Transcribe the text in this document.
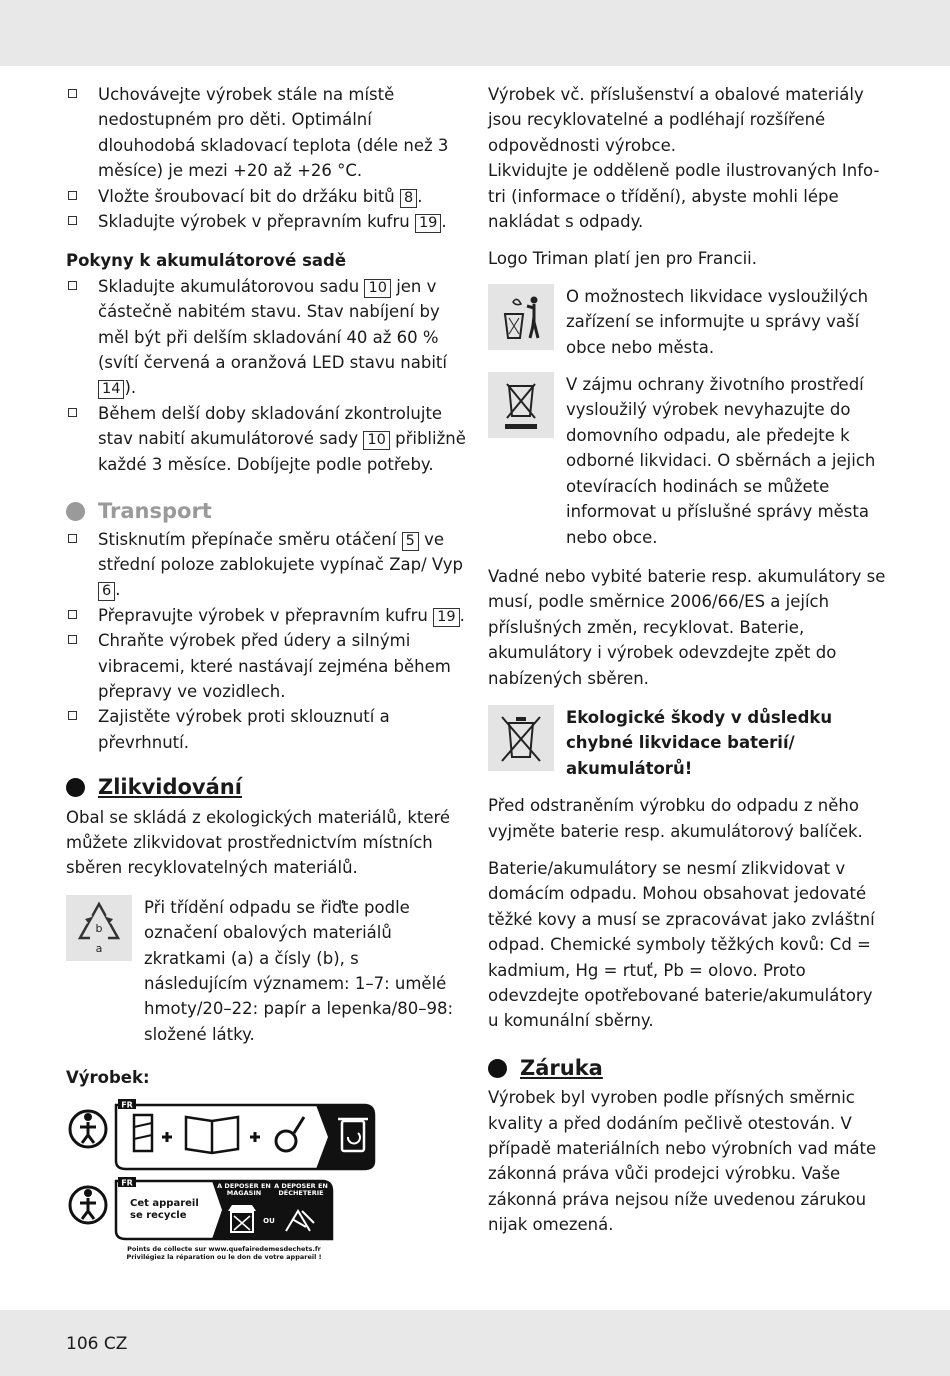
Uchovávejte výrobek stále na místě nedostupném pro děti. Optimální dlouhodobá skladovací teplota (déle než 3 měsíce) je mezi +20 až +26 °C.
Vložte šroubovací bit do držáku bitů 8 .
Skladujte výrobek v přepravním kufru 19 .

Pokyny k akumulátorové sadě

Skladujte akumulátorovou sadu 10 jen v částečně nabitém stavu. Stav nabíjení by měl být při delším skladování 40 až 60 % (svítí červená a oranžová LED stavu nabití 14 ).
Během delší doby skladování zkontrolujte stav nabití akumulátorové sady 10 přibližně každé 3 měsíce. Dobíjejte podle potřeby.
Transport
Stisknutím přepínače směru otáčení 5 ve střední poloze zablokujete vypínač Zap/ Vyp 6 .
Přepravujte výrobek v přepravním kufru 19 .
Chraňte výrobek před údery a silnými vibracemi, které nastávají zejména během přepravy ve vozidlech.
Zajistěte výrobek proti sklouznutí a převrhnutí.
Zlikvidování

Obal se skládá z ekologických materiálů, které můžete zlikvidovat prostřednictvím místních sběren recyklovatelných materiálů.

b
a

Při třídění odpadu se řiďte podle označení obalových materiálů zkratkami (a) a čísly (b), s následujícím významem: 1–7: umělé hmoty/20–22: papír a lepenka/80–98: složené látky.

Výrobek:

FR
FR
Cet appareil
se recycle
À DÉPOSER EN MAGASIN
À DÉPOSER EN DÉCHETERIE
OU
Points de collecte sur www.quefairedemesdechets.fr
Privilégiez la réparation ou le don de votre appareil !

Výrobek vč. příslušenství a obalové materiály jsou recyklovatelné a podléhají rozšířené odpovědnosti výrobce.

Likvidujte je odděleně podle ilustrovaných Info-tri (informace o třídění), abyste mohli lépe nakládat s odpady.

Logo Triman platí jen pro Francii.

O možnostech likvidace vysloužilých zařízení se informujte u správy vaší obce nebo města.

V zájmu ochrany životního prostředí vysloužilý výrobek nevyhazujte do domovního odpadu, ale předejte k odborné likvidaci. O sběrnách a jejich otevíracích hodinách se můžete informovat u příslušné správy města nebo obce.

Vadné nebo vybité baterie resp. akumulátory se musí, podle směrnice 2006/66/ES a jejích příslušných změn, recyklovat. Baterie, akumulátory i výrobek odevzdejte zpět do nabízených sběren.

Ekologické škody v důsledku chybné likvidace baterií/ akumulátorů!

Před odstraněním výrobku do odpadu z něho vyjměte baterie resp. akumulátorový balíček.

Baterie/akumulátory se nesmí zlikvidovat v domácím odpadu. Mohou obsahovat jedovaté těžké kovy a musí se zpracovávat jako zvláštní odpad. Chemické symboly těžkých kovů: Cd = kadmium, Hg = rtuť, Pb = olovo. Proto odevzdejte opotřebované baterie/akumulátory u komunální sběrny.

Záruka

Výrobek byl vyroben podle přísných směrnic kvality a před dodáním pečlivě otestován. V případě materiálních nebo výrobních vad máte zákonná práva vůči prodejci výrobku. Vaše zákonná práva nejsou níže uvedenou zárukou nijak omezená.

106 CZ
